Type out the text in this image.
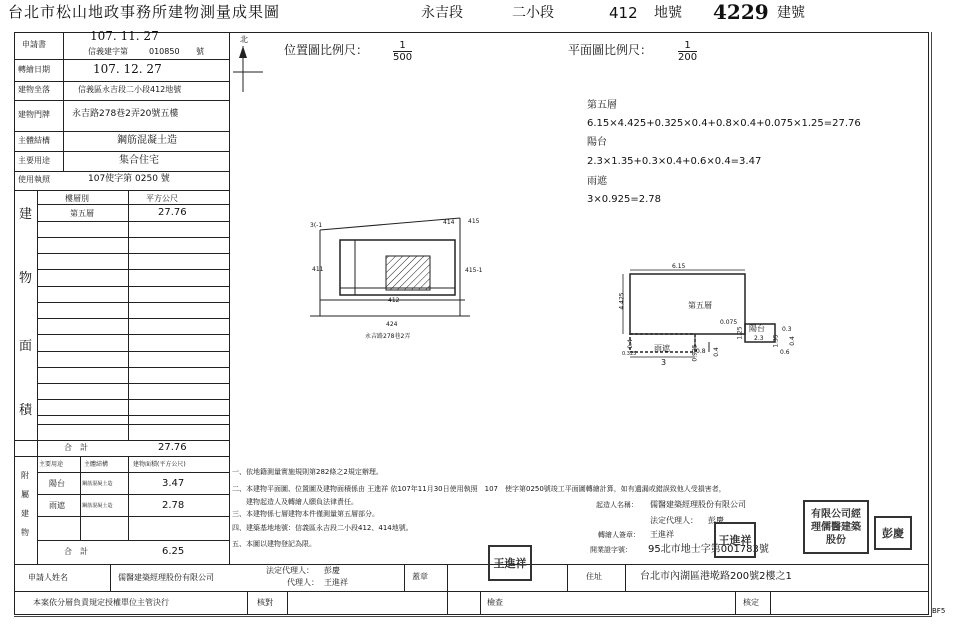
台北市松山地政事務所建物測量成果圖	永吉段	二小段	412 地號 4229 建號
申請書
107. 11. 27
信義建字第	010850 號
轉繪日期	107. 12. 27
建物坐落	信義區永吉段二小段412地號
建物門牌 永吉路278巷2弄20號五樓
主體結構	鋼筋混凝土造
主要用途	集合住宅
使用執照	107使字第 0250 號
樓層別	平方公尺
第五層	27.76
建
物
面
積
合　計	27.76
主要用途	主體結構	建物面積(平方公尺)
陽台	鋼筋混凝土造	3.47
雨遮	鋼筋混凝土造	2.78
附
屬
建
物
合　計	6.25
北
位置圖比例尺： $\frac{1}{500}$
3(-1	414 415
411	415-1
412
424
永吉路278巷2弄
平面圖比例尺：	$\frac{1}{200}$
第五層
6.15×4.425+0.325×0.4+0.8×0.4+0.075×1.25=27.76
陽台
2.3×1.35+0.3×0.4+0.6×0.4=3.47
雨遮
3×0.925=2.78
6.15
4.425	第五層
0.075
1.25 陽台	0.3
0.4
2.3 1.35
0.6
0.4
0.325
雨遮	0.925
0.8 0.4
3
一、依地籍測量實施規則第282條之2規定辦理。
二、本建物平面圖、位置圖及建物面積係由 王進祥 依107年11月30日使用執照　107　使字第0250號竣工平面圖轉繪計算，如有遺漏或錯誤致他人受損害者，
　　建物起造人及轉繪人願負法律責任。
三、本建物係七層建物本件僅測量第五層部分。
四、建築基地地號：信義區永吉段二小段412、414地號。
五、本圖以建物登記為限。
起造人名稱： 儒醫建築經理股份有限公司
法定代理人： 彭慶
轉繪人簽章： 王進祥
開業證字號： 95北市地士字第001783號
王進祥
王進祥
有限公司經理儒醫建築股份	彭慶
申請人姓名	儒醫建築經理股份有限公司
法定代理人： 彭慶
代理人： 王進祥
蓋章	住址	台北市內湖區港墘路200號2樓之1
本案依分層負責規定授權單位主管決行	核對	檢查	核定
BF5
